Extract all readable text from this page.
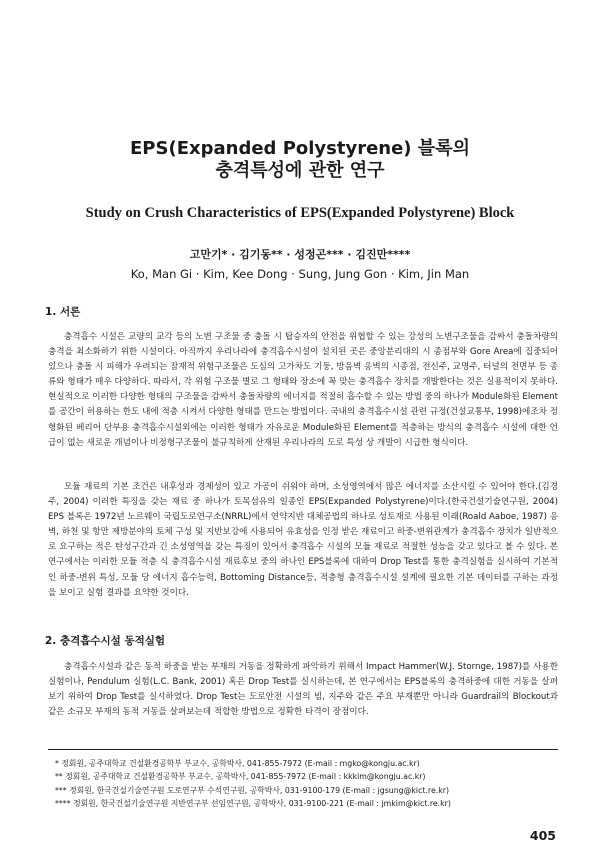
EPS(Expanded Polystyrene) 블록의
충격특성에 관한 연구
Study on Crush Characteristics of EPS(Expanded Polystyrene) Block
고만기* · 김기동** · 성정곤*** · 김진만****
Ko, Man Gi · Kim, Kee Dong · Sung, Jung Gon · Kim, Jin Man
1. 서론

충격흡수 시설은 교량의 교각 등의 노변 구조물 중 충돌 시 탑승자의 안전을 위협할 수 있는 강성의 노변구조물을 감싸서 충돌차량의 충격을 최소화하기 위한 시설이다. 아직까지 우리나라에 충격흡수시설이 설치된 곳은 중앙분리대의 시 종점부와 Gore Area에 집중되어 있으나 충돌 시 피해가 우려되는 잠재적 위험구조물은 도심의 고가차도 기둥, 방음벽 옹벽의 시종점, 전신주, 교명주, 터널의 전면부 등 종류와 형태가 매우 다양하다. 따라서, 각 위험 구조물 별로 그 형태와 장소에 꼭 맞는 충격흡수 장치를 개발한다는 것은 실용적이지 못하다. 현실적으로 이러한 다양한 형태의 구조물을 감싸서 충돌차량의 에너지를 적절히 흡수할 수 있는 방법 중의 하나가 Module화된 Element를 공간이 허용하는 한도 내에 적층 시켜서 다양한 형태를 만드는 방법이다. 국내의 충격흡수시설 관련 규정(건설교통부, 1998)에조차 정형화된 베리어 단부용 충격흡수시설외에는 이러한 형태가 자유로운 Module화된 Element를 적층하는 방식의 충격흡수 시설에 대한 언급이 없는 새로운 개념이나 비정형구조물이 불규칙하게 산재된 우리나라의 도로 특성 상 개발이 시급한 형식이다.

모듈 재료의 기본 조건은 내후성과 경제성이 있고 가공이 쉬워야 하며, 소성영역에서 많은 에너지를 소산시킬 수 있어야 한다.(김경주, 2004) 이러한 특징을 갖는 재료 중 하나가 토목섬유의 일종인 EPS(Expanded Polystyrene)이다.(한국건설기술연구원, 2004) EPS 블록은 1972년 노르웨이 국립도로연구소(NRRL)에서 연약지반 대체공법의 하나로 성토재로 사용된 이래(Roald Aaboe, 1987) 옹벽, 하천 및 항만 제방분야의 토체 구성 및 지반보강에 사용되어 유효성을 인정 받은 재료이고 하중-변위관계가 충격흡수 장치가 일반적으로 요구하는 적은 탄성구간과 긴 소성영역을 갖는 특징이 있어서 충격흡수 시설의 모듈 재료로 적절한 성능을 갖고 있다고 볼 수 있다. 본 연구에서는 이러한 모듈 적층 식 충격흡수시설 재료후보 중의 하나인 EPS블록에 대하여 Drop Test를 통한 충격실험을 실시하여 기본적인 하중-변위 특성, 모듈 당 에너지 흡수능력, Bottoming Distance등, 적층형 충격흡수시설 설계에 필요한 기본 데이터를 구하는 과정을 보이고 실험 결과를 요약한 것이다.

2. 충격흡수시설 동적실험

충격흡수시설과 같은 동적 하중을 받는 부재의 거동을 정확하게 파악하기 위해서 Impact Hammer(W.J. Stornge, 1987)를 사용한 실험이나, Pendulum 실험(L.C. Bank, 2001) 혹은 Drop Test를 실시하는데, 본 연구에서는 EPS블록의 충격하중에 대한 거동을 살펴보기 위하여 Drop Test를 실시하였다. Drop Test는 도로안전 시설의 빔, 지주와 같은 주요 부재뿐만 아니라 Guardrail의 Blockout과 같은 소규모 부재의 동적 거동을 살펴보는데 적합한 방법으로 정확한 타격이 장점이다.

* 정회원, 공주대학교 건설환경공학부 부교수, 공학박사, 041-855-7972 (E-mail : mgko@kongju.ac.kr)
** 정회원, 공주대학교 건설환경공학부 부교수, 공학박사, 041-855-7972 (E-mail : kkkim@kongju.ac.kr)
*** 정회원, 한국건설기술연구원 도로연구부 수석연구원, 공학박사, 031-9100-179 (E-mail : jgsung@kict.re.kr)
**** 정회원, 한국건설기술연구원 지반연구부 선임연구원, 공학박사, 031-9100-221 (E-mail : jmkim@kict.re.kr)
405
